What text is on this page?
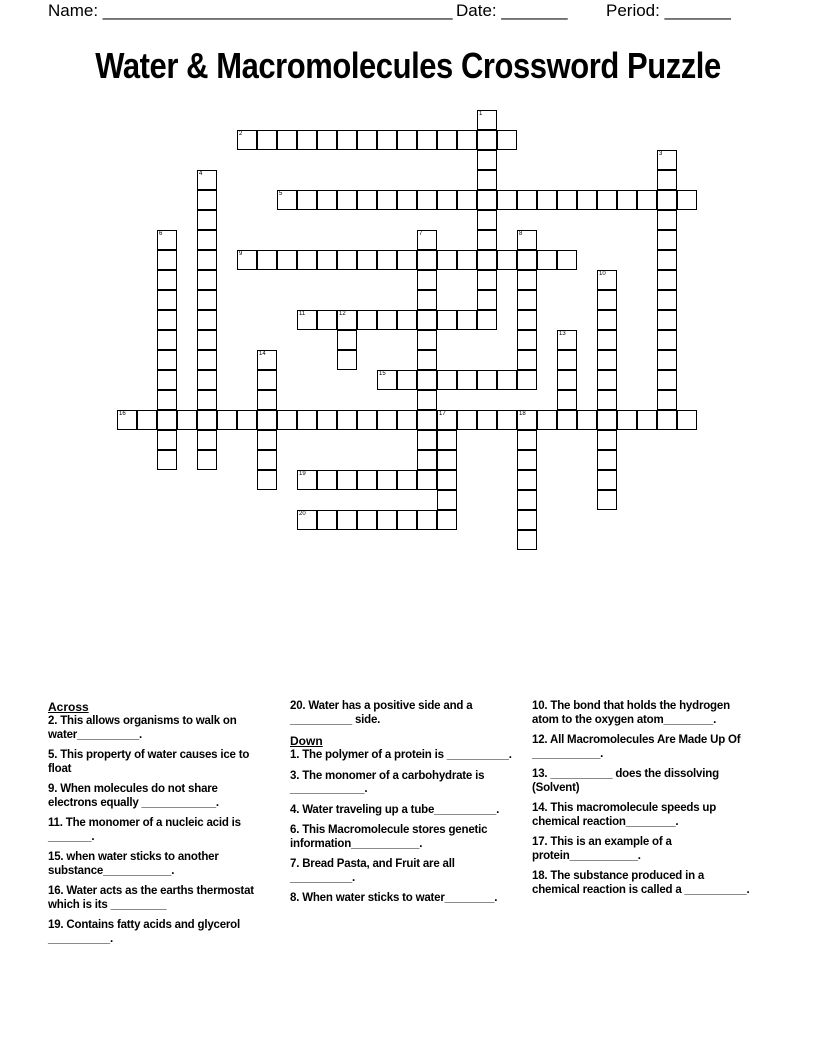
Name: _____________________________________ Date: _______ Period: _______
Water & Macromolecules Crossword Puzzle
1
2
3
4
5
6	7	8
9
10
11	12
13
14
15
16	17	18
19
20
Across
2. This allows organisms to walk on water__________.
5. This property of water causes ice to float
9. When molecules do not share electrons equally ____________.
11. The monomer of a nucleic acid is _______.
15. when water sticks to another substance___________.
16. Water acts as the earths thermostat which is its _________
19. Contains fatty acids and glycerol __________.
20. Water has a positive side and a __________ side.
Down
1. The polymer of a protein is __________.
3. The monomer of a carbohydrate is ____________.
4. Water traveling up a tube__________.
6. This Macromolecule stores genetic information___________.
7. Bread Pasta, and Fruit are all __________.
8. When water sticks to water________.
10. The bond that holds the hydrogen atom to the oxygen atom________.
12. All Macromolecules Are Made Up Of ___________.
13. __________ does the dissolving (Solvent)
14. This macromolecule speeds up chemical reaction________.
17. This is an example of a protein___________.
18. The substance produced in a chemical reaction is called a __________.
